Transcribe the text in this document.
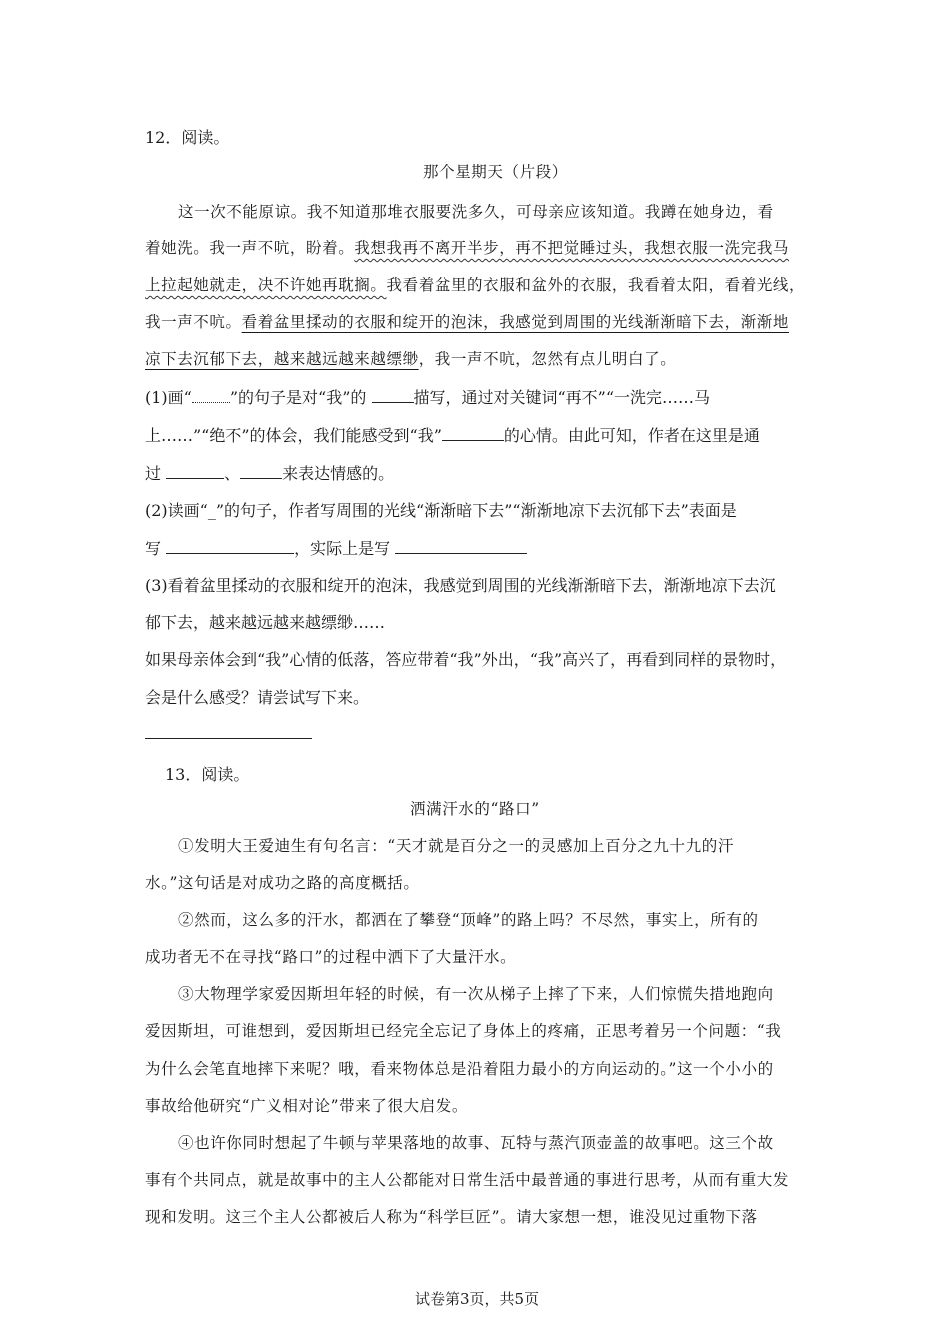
12．阅读。
那个星期天（片段）
这一次不能原谅。我不知道那堆衣服要洗多久，可母亲应该知道。我蹲在她身边，看
着她洗。我一声不吭，盼着。我想我再不离开半步，再不把觉睡过头，我想衣服一洗完我马
上拉起她就走，决不许她再耽搁。我看着盆里的衣服和盆外的衣服，我看着太阳，看着光线，
我一声不吭。看着盆里揉动的衣服和绽开的泡沫，我感觉到周围的光线渐渐暗下去，渐渐地
凉下去沉郁下去，越来越远越来越缥缈，我一声不吭，忽然有点儿明白了。
(1)画“ ”的句子是对“我”的	描写，通过对关键词“再不”“一洗完……马
上……”“绝不”的体会，我们能感受到“我”	的心情。由此可知，作者在这里是通
过	、	来表达情感的。
(2)读画“_”的句子，作者写周围的光线“渐渐暗下去”“渐渐地凉下去沉郁下去”表面是
写	，实际上是写
(3)看着盆里揉动的衣服和绽开的泡沫，我感觉到周围的光线渐渐暗下去，渐渐地凉下去沉
郁下去，越来越远越来越缥缈……
如果母亲体会到“我”心情的低落，答应带着“我”外出，“我”高兴了，再看到同样的景物时，
会是什么感受？请尝试写下来。
13．阅读。
洒满汗水的“路口”
①发明大王爱迪生有句名言：“天才就是百分之一的灵感加上百分之九十九的汗
水。”这句话是对成功之路的高度概括。
②然而，这么多的汗水，都洒在了攀登“顶峰”的路上吗？不尽然，事实上，所有的
成功者无不在寻找“路口”的过程中洒下了大量汗水。
③大物理学家爱因斯坦年轻的时候，有一次从梯子上摔了下来，人们惊慌失措地跑向
爱因斯坦，可谁想到，爱因斯坦已经完全忘记了身体上的疼痛，正思考着另一个问题：“我
为什么会笔直地摔下来呢？哦，看来物体总是沿着阻力最小的方向运动的。”这一个小小的
事故给他研究“广义相对论”带来了很大启发。
④也许你同时想起了牛顿与苹果落地的故事、瓦特与蒸汽顶壶盖的故事吧。这三个故
事有个共同点，就是故事中的主人公都能对日常生活中最普通的事进行思考，从而有重大发
现和发明。这三个主人公都被后人称为“科学巨匠”。请大家想一想，谁没见过重物下落
试卷第3页，共5页
